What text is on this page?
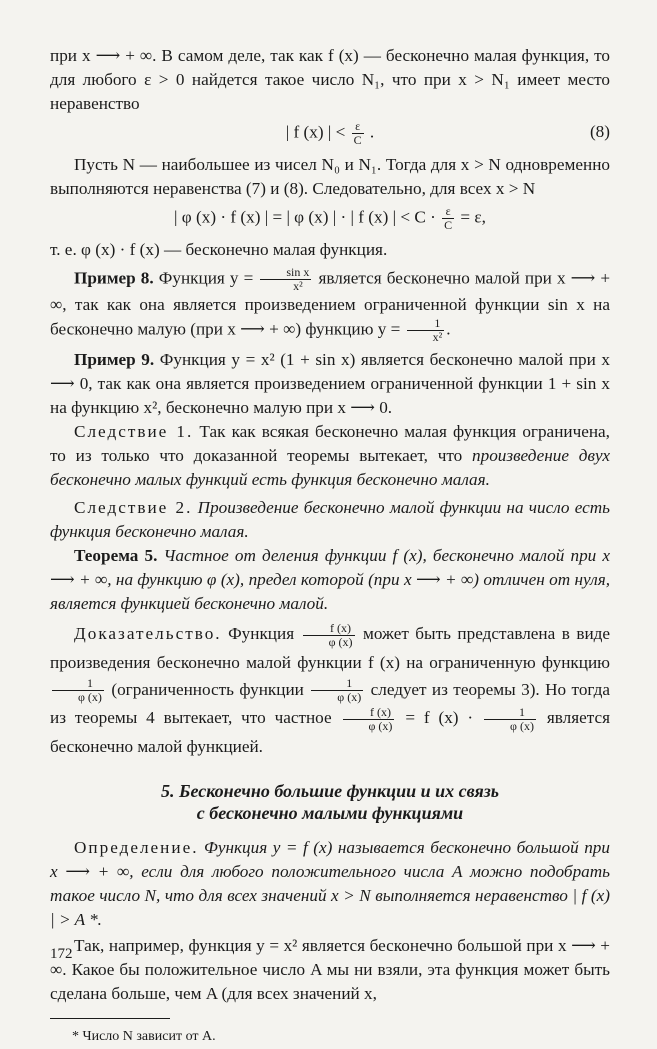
при x ⟶ + ∞. В самом деле, так как f (x) — бесконечно малая функция, то для любого ε > 0 найдется такое число N₁, что при x > N₁ имеет место неравенство

| f (x) | < $\frac{\varepsilon}{C}$ .	(8)

Пусть N — наибольшее из чисел N₀ и N₁. Тогда для x > N одновременно выполняются неравенства (7) и (8). Следовательно, для всех x > N

| φ (x) · f (x) | = | φ (x) | · | f (x) | < $C \cdot \frac{\varepsilon}{C} = \varepsilon$,

т. е. φ (x) · f (x) — бесконечно малая функция.

Пример 8. Функция $y = \frac{\text{sin x}}{\text{x²}}$ является бесконечно малой при x ⟶ + ∞, так как она является произведением ограниченной функции sin x на бесконечно малую (при x ⟶ + ∞) функцию $y = \frac{1}{\text{x²}}$ .

Пример 9. Функция y = x² (1 + sin x) является бесконечно малой при x ⟶ 0, так как она является произведением ограниченной функции 1 + sin x на функцию x², бесконечно малую при x ⟶ 0.

Следствие 1. Так как всякая бесконечно малая функция ограничена, то из только что доказанной теоремы вытекает, что произведение двух бесконечно малых функций есть функция бесконечно малая.

Следствие 2. Произведение бесконечно малой функции на число есть функция бесконечно малая.

Теорема 5. Частное от деления функции f (x), бесконечно малой при x ⟶ + ∞, на функцию φ (x), предел которой (при x ⟶ + ∞) отличен от нуля, является функцией бесконечно малой.

Доказательство. Функция $\frac{f (x)}{\varphi (x)}$ может быть представлена в виде произведения бесконечно малой функции f (x) на ограниченную функцию
$\frac{1}{\varphi (x)}$ (ограниченность функции $\frac{1}{\varphi (x)}$ следует из теоремы 3). Но тогда из теоремы 4 вытекает, что частное $\frac{f (x)}{\varphi (x)} = f$ $(x) \cdot \frac{1}{\varphi (x)}$ является бесконечно малой функцией.

5. Бесконечно большие функции и их связь
с бесконечно малыми функциями

Определение. Функция y = f (x) называется бесконечно большой при x ⟶ + ∞, если для любого положительного числа A можно подобрать такое число N, что для всех значений x > N выполняется неравенство | f (x) | > A *.

Так, например, функция y = x² является бесконечно большой при x ⟶ + ∞. Какое бы положительное число A мы ни взяли, эта функция может быть сделана больше, чем A (для всех значений x,

* Число N зависит от A.

172
